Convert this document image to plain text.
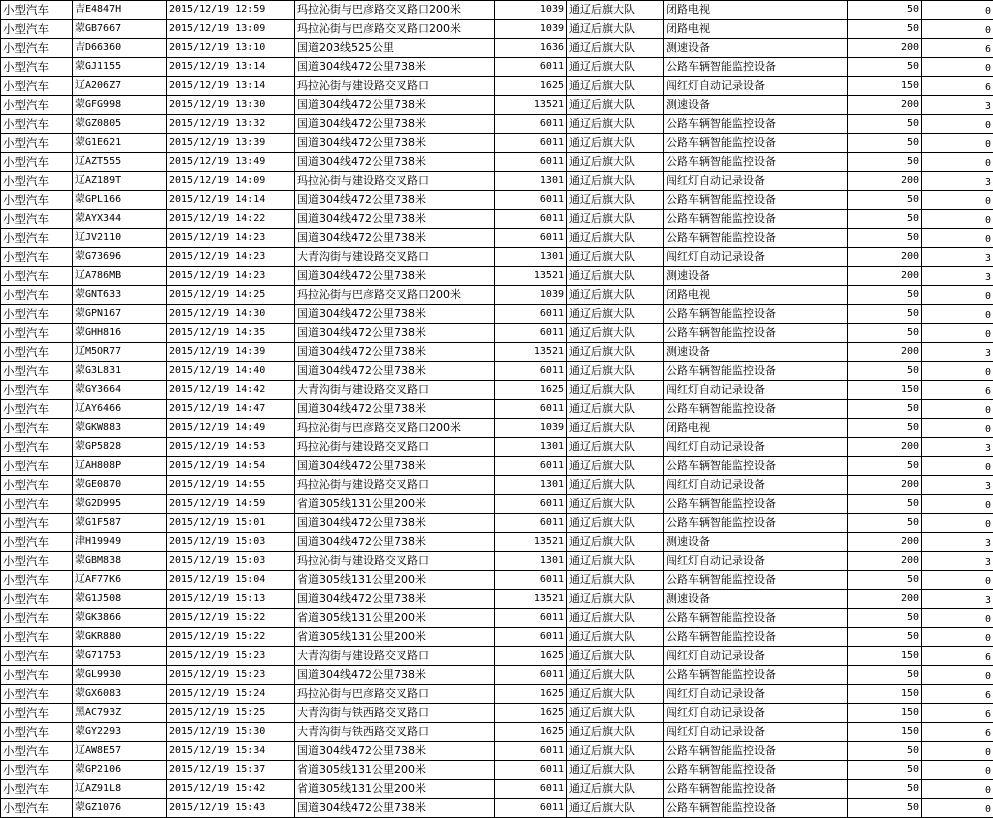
小型汽车	吉E4847H	2015/12/19 12:59	玛拉沁街与巴彦路交叉路口200米	1039	通辽后旗大队	闭路电视	50	0
小型汽车	蒙GB7667	2015/12/19 13:09	玛拉沁街与巴彦路交叉路口200米	1039	通辽后旗大队	闭路电视	50	0
小型汽车	吉D66360	2015/12/19 13:10	国道203线525公里	1636	通辽后旗大队	测速设备	200	6
小型汽车	蒙GJ1155	2015/12/19 13:14	国道304线472公里738米	6011	通辽后旗大队	公路车辆智能监控设备	50	0
小型汽车	辽A206Z7	2015/12/19 13:14	玛拉沁街与建设路交叉路口	1625	通辽后旗大队	闯红灯自动记录设备	150	6
小型汽车	蒙GFG998	2015/12/19 13:30	国道304线472公里738米	13521	通辽后旗大队	测速设备	200	3
小型汽车	蒙GZ0805	2015/12/19 13:32	国道304线472公里738米	6011	通辽后旗大队	公路车辆智能监控设备	50	0
小型汽车	蒙G1E621	2015/12/19 13:39	国道304线472公里738米	6011	通辽后旗大队	公路车辆智能监控设备	50	0
小型汽车	辽AZT555	2015/12/19 13:49	国道304线472公里738米	6011	通辽后旗大队	公路车辆智能监控设备	50	0
小型汽车	辽AZ189T	2015/12/19 14:09	玛拉沁街与建设路交叉路口	1301	通辽后旗大队	闯红灯自动记录设备	200	3
小型汽车	蒙GPL166	2015/12/19 14:14	国道304线472公里738米	6011	通辽后旗大队	公路车辆智能监控设备	50	0
小型汽车	蒙AYX344	2015/12/19 14:22	国道304线472公里738米	6011	通辽后旗大队	公路车辆智能监控设备	50	0
小型汽车	辽JV2110	2015/12/19 14:23	国道304线472公里738米	6011	通辽后旗大队	公路车辆智能监控设备	50	0
小型汽车	蒙G73696	2015/12/19 14:23	大青沟街与建设路交叉路口	1301	通辽后旗大队	闯红灯自动记录设备	200	3
小型汽车	辽A786MB	2015/12/19 14:23	国道304线472公里738米	13521	通辽后旗大队	测速设备	200	3
小型汽车	蒙GNT633	2015/12/19 14:25	玛拉沁街与巴彦路交叉路口200米	1039	通辽后旗大队	闭路电视	50	0
小型汽车	蒙GPN167	2015/12/19 14:30	国道304线472公里738米	6011	通辽后旗大队	公路车辆智能监控设备	50	0
小型汽车	蒙GHH816	2015/12/19 14:35	国道304线472公里738米	6011	通辽后旗大队	公路车辆智能监控设备	50	0
小型汽车	辽M5OR77	2015/12/19 14:39	国道304线472公里738米	13521	通辽后旗大队	测速设备	200	3
小型汽车	蒙G3L831	2015/12/19 14:40	国道304线472公里738米	6011	通辽后旗大队	公路车辆智能监控设备	50	0
小型汽车	蒙GY3664	2015/12/19 14:42	大青沟街与建设路交叉路口	1625	通辽后旗大队	闯红灯自动记录设备	150	6
小型汽车	辽AY6466	2015/12/19 14:47	国道304线472公里738米	6011	通辽后旗大队	公路车辆智能监控设备	50	0
小型汽车	蒙GKW883	2015/12/19 14:49	玛拉沁街与巴彦路交叉路口200米	1039	通辽后旗大队	闭路电视	50	0
小型汽车	蒙GP5828	2015/12/19 14:53	玛拉沁街与建设路交叉路口	1301	通辽后旗大队	闯红灯自动记录设备	200	3
小型汽车	辽AH808P	2015/12/19 14:54	国道304线472公里738米	6011	通辽后旗大队	公路车辆智能监控设备	50	0
小型汽车	蒙GE0870	2015/12/19 14:55	玛拉沁街与建设路交叉路口	1301	通辽后旗大队	闯红灯自动记录设备	200	3
小型汽车	蒙G2D995	2015/12/19 14:59	省道305线131公里200米	6011	通辽后旗大队	公路车辆智能监控设备	50	0
小型汽车	蒙G1F587	2015/12/19 15:01	国道304线472公里738米	6011	通辽后旗大队	公路车辆智能监控设备	50	0
小型汽车	津H19949	2015/12/19 15:03	国道304线472公里738米	13521	通辽后旗大队	测速设备	200	3
小型汽车	蒙GBM838	2015/12/19 15:03	玛拉沁街与建设路交叉路口	1301	通辽后旗大队	闯红灯自动记录设备	200	3
小型汽车	辽AF77K6	2015/12/19 15:04	省道305线131公里200米	6011	通辽后旗大队	公路车辆智能监控设备	50	0
小型汽车	蒙G1J508	2015/12/19 15:13	国道304线472公里738米	13521	通辽后旗大队	测速设备	200	3
小型汽车	蒙GK3866	2015/12/19 15:22	省道305线131公里200米	6011	通辽后旗大队	公路车辆智能监控设备	50	0
小型汽车	蒙GKR880	2015/12/19 15:22	省道305线131公里200米	6011	通辽后旗大队	公路车辆智能监控设备	50	0
小型汽车	蒙G71753	2015/12/19 15:23	大青沟街与建设路交叉路口	1625	通辽后旗大队	闯红灯自动记录设备	150	6
小型汽车	蒙GL9930	2015/12/19 15:23	国道304线472公里738米	6011	通辽后旗大队	公路车辆智能监控设备	50	0
小型汽车	蒙GX6083	2015/12/19 15:24	玛拉沁街与巴彦路交叉路口	1625	通辽后旗大队	闯红灯自动记录设备	150	6
小型汽车	黑AC793Z	2015/12/19 15:25	大青沟街与铁西路交叉路口	1625	通辽后旗大队	闯红灯自动记录设备	150	6
小型汽车	蒙GY2293	2015/12/19 15:30	大青沟街与铁西路交叉路口	1625	通辽后旗大队	闯红灯自动记录设备	150	6
小型汽车	辽AW8E57	2015/12/19 15:34	国道304线472公里738米	6011	通辽后旗大队	公路车辆智能监控设备	50	0
小型汽车	蒙GP2106	2015/12/19 15:37	省道305线131公里200米	6011	通辽后旗大队	公路车辆智能监控设备	50	0
小型汽车	辽AZ91L8	2015/12/19 15:42	省道305线131公里200米	6011	通辽后旗大队	公路车辆智能监控设备	50	0
小型汽车	蒙GZ1076	2015/12/19 15:43	国道304线472公里738米	6011	通辽后旗大队	公路车辆智能监控设备	50	0
